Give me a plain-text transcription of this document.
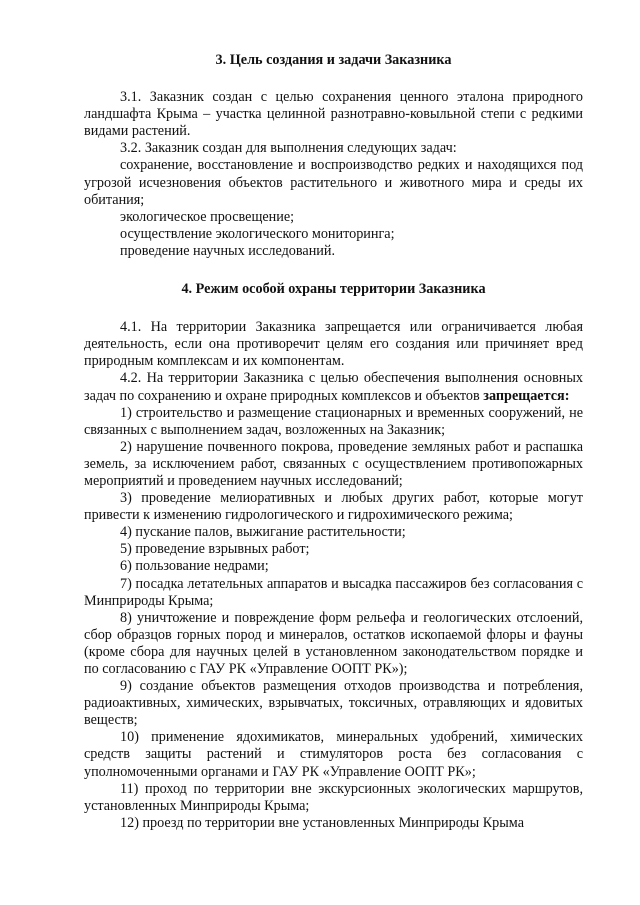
3. Цель создания и задачи Заказника

3.1. Заказник создан с целью сохранения ценного эталона природного ландшафта Крыма – участка целинной разнотравно-ковыльной степи с редкими видами растений.

3.2. Заказник создан для выполнения следующих задач:

сохранение, восстановление и воспроизводство редких и находящихся под угрозой исчезновения объектов растительного и животного мира и среды их обитания;

экологическое просвещение;

осуществление экологического мониторинга;

проведение научных исследований.

4. Режим особой охраны территории Заказника

4.1. На территории Заказника запрещается или ограничивается любая деятельность, если она противоречит целям его создания или причиняет вред природным комплексам и их компонентам.

4.2. На территории Заказника с целью обеспечения выполнения основных задач по сохранению и охране природных комплексов и объектов запрещается:

1) строительство и размещение стационарных и временных сооружений, не связанных с выполнением задач, возложенных на Заказник;

2) нарушение почвенного покрова, проведение земляных работ и распашка земель, за исключением работ, связанных с осуществлением противопожарных мероприятий и проведением научных исследований;

3) проведение мелиоративных и любых других работ, которые могут привести к изменению гидрологического и гидрохимического режима;

4) пускание палов, выжигание растительности;

5) проведение взрывных работ;

6) пользование недрами;

7) посадка летательных аппаратов и высадка пассажиров без согласования с Минприроды Крыма;

8) уничтожение и повреждение форм рельефа и геологических отслоений, сбор образцов горных пород и минералов, остатков ископаемой флоры и фауны (кроме сбора для научных целей в установленном законодательством порядке и по согласованию с ГАУ РК «Управление ООПТ РК»);

9) создание объектов размещения отходов производства и потребления, радиоактивных, химических, взрывчатых, токсичных, отравляющих и ядовитых веществ;

10) применение ядохимикатов, минеральных удобрений, химических средств защиты растений и стимуляторов роста без согласования с уполномоченными органами и ГАУ РК «Управление ООПТ РК»;

11) проход по территории вне экскурсионных экологических маршрутов, установленных Минприроды Крыма;

12) проезд по территории вне установленных Минприроды Крыма
